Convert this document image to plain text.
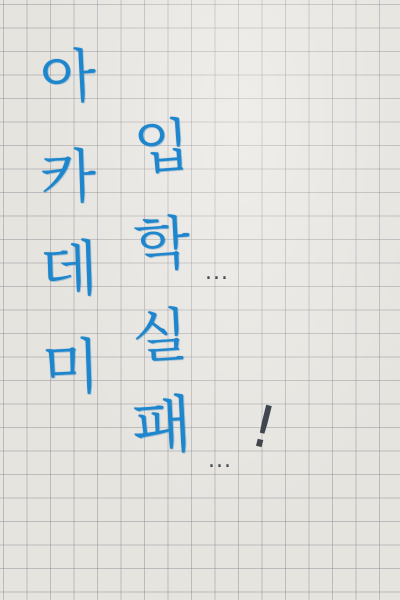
아
카
데
미
입
학
실
패
...
... !
